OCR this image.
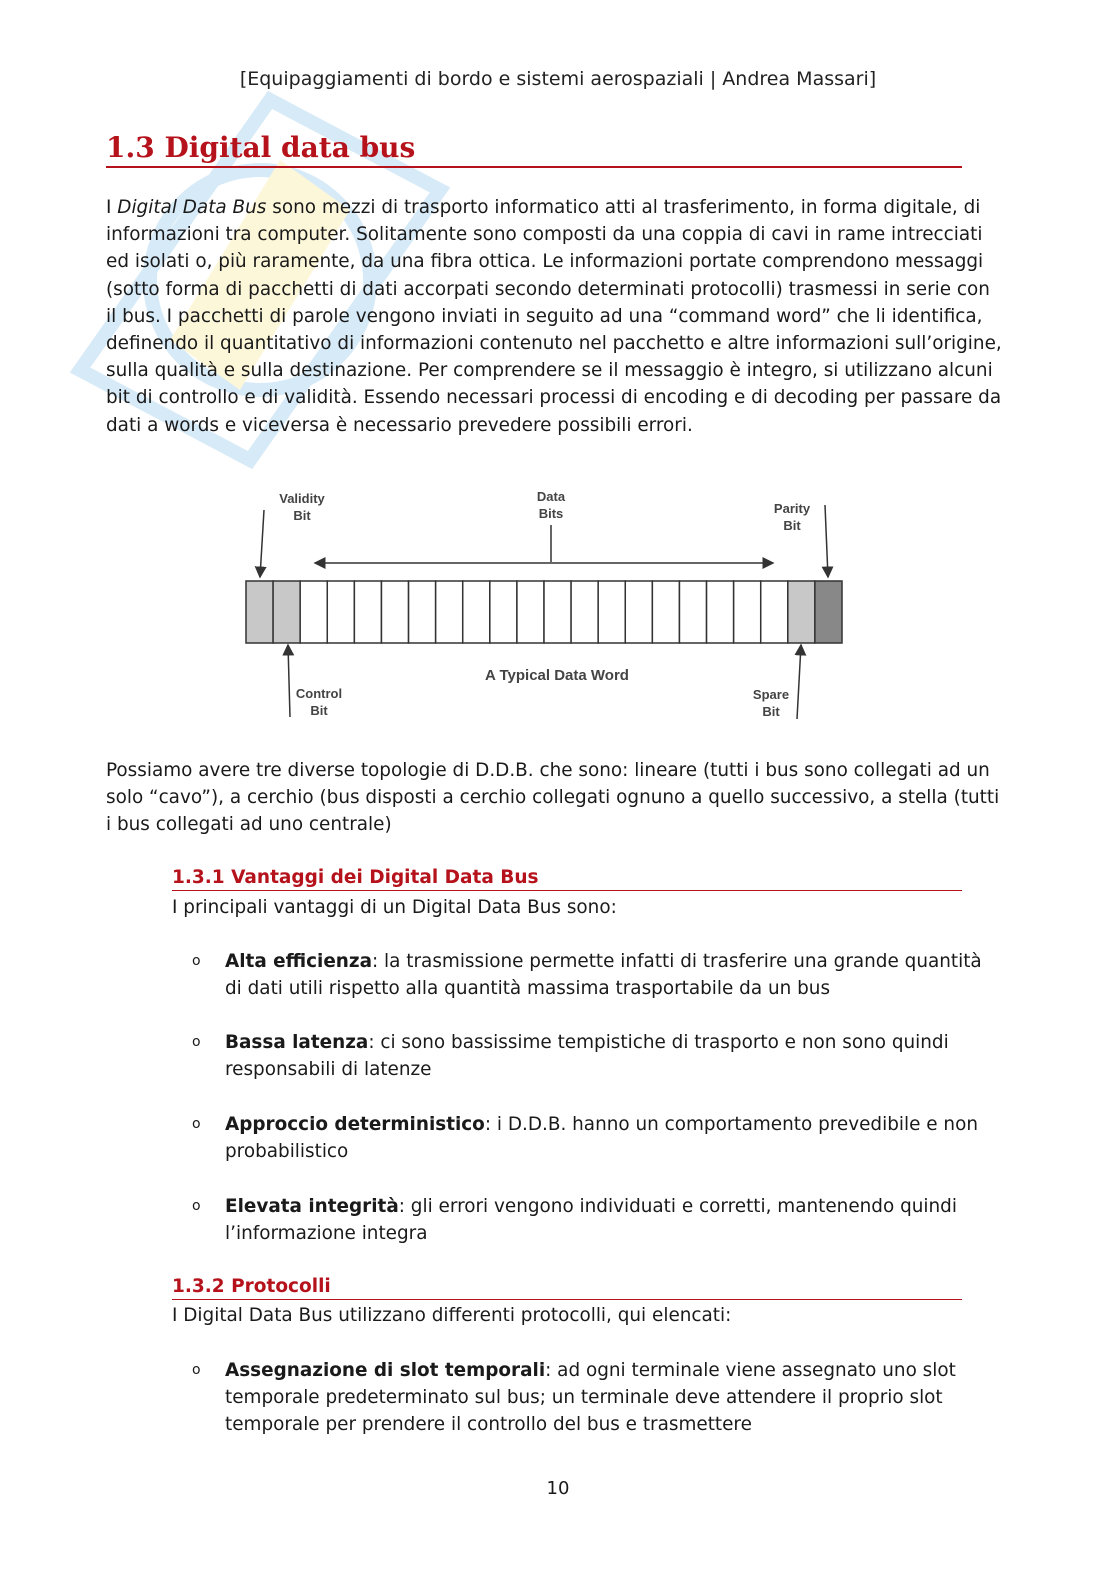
[Equipaggiamenti di bordo e sistemi aerospaziali | Andrea Massari]
1.3 Digital data bus

I Digital Data Bus sono mezzi di trasporto informatico atti al trasferimento, in forma digitale, di informazioni tra computer. Solitamente sono composti da una coppia di cavi in rame intrecciati ed isolati o, più raramente, da una fibra ottica. Le informazioni portate comprendono messaggi (sotto forma di pacchetti di dati accorpati secondo determinati protocolli) trasmessi in serie con il bus. I pacchetti di parole vengono inviati in seguito ad una “command word” che li identifica, definendo il quantitativo di informazioni contenuto nel pacchetto e altre informazioni sull’origine, sulla qualità e sulla destinazione. Per comprendere se il messaggio è integro, si utilizzano alcuni bit di controllo e di validità. Essendo necessari processi di encoding e di decoding per passare da dati a words e viceversa è necessario prevedere possibili errori.

Validity
Bit
Data
Bits	Parity
Bit
Control
Bit
Spare
Bit
A Typical Data Word

Possiamo avere tre diverse topologie di D.D.B. che sono: lineare (tutti i bus sono collegati ad un solo “cavo”), a cerchio (bus disposti a cerchio collegati ognuno a quello successivo, a stella (tutti i bus collegati ad uno centrale)

1.3.1 Vantaggi dei Digital Data Bus
I principali vantaggi di un Digital Data Bus sono:
o Alta efficienza: la trasmissione permette infatti di trasferire una grande quantità di dati utili rispetto alla quantità massima trasportabile da un bus
o Bassa latenza: ci sono bassissime tempistiche di trasporto e non sono quindi responsabili di latenze
o Approccio deterministico: i D.D.B. hanno un comportamento prevedibile e non probabilistico
o Elevata integrità: gli errori vengono individuati e corretti, mantenendo quindi l’informazione integra
1.3.2 Protocolli
I Digital Data Bus utilizzano differenti protocolli, qui elencati:
o Assegnazione di slot temporali: ad ogni terminale viene assegnato uno slot temporale predeterminato sul bus; un terminale deve attendere il proprio slot temporale per prendere il controllo del bus e trasmettere
10
